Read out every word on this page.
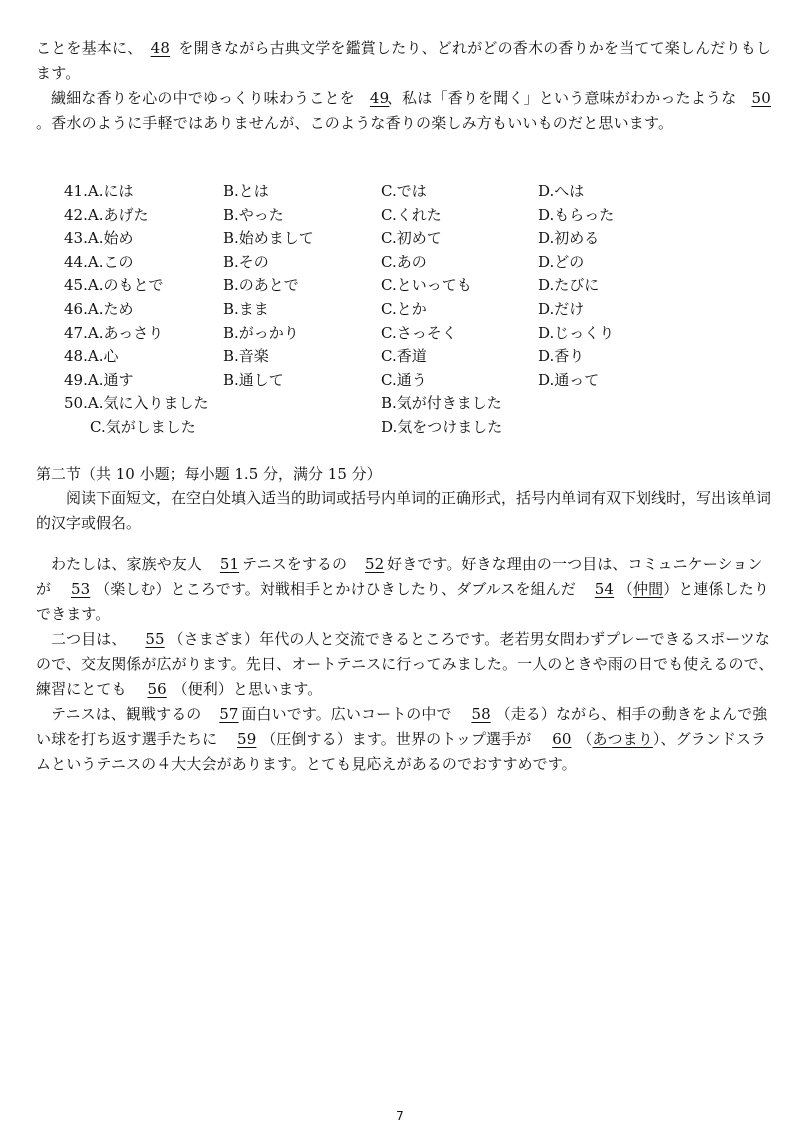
ことを基本に、 48 を開きながら古典文学を鑑賞したり、どれがどの香木の香りかを当てて楽しんだりもします。
繊細な香りを心の中でゆっくり味わうことを 49、私は「香りを聞く」という意味がわかったような 50。香水のように手軽ではありませんが、このような香りの楽しみ方もいいものだと思います。
41.A.には	B.とは	C.では	D.へは
42.A.あげた	B.やった	C.くれた	D.もらった
43.A.始め	B.始めまして	C.初めて	D.初める
44.A.この	B.その	C.あの	D.どの
45.A.のもとで	B.のあとで	C.といっても	D.たびに
46.A.ため	B.まま	C.とか	D.だけ
47.A.あっさり	B.がっかり	C.さっそく	D.じっくり
48.A.心	B.音楽	C.香道	D.香り
49.A.通す	B.通して	C.通う	D.通って
50.A.気に入りました	B.気が付きました
C.気がしました	D.気をつけました
第二节（共 10 小题；每小题 1.5 分，满分 15 分）
阅读下面短文，在空白处填入适当的助词或括号内单词的正确形式，括号内单词有双下划线时，写出该单词的汉字或假名。

わたしは、家族や友人 51 テニスをするの 52 好きです。好きな理由の一つ目は、コミュニケーションが 53 （楽しむ）ところです。対戦相手とかけひきしたり、ダブルスを組んだ 54 （仲間）と連係したりできます。

二つ目は、 55 （さまざま）年代の人と交流できるところです。老若男女問わずプレーできるスポーツなので、交友関係が広がります。先日、オートテニスに行ってみました。一人のときや雨の日でも使えるので、練習にとても 56 （便利）と思います。

テニスは、観戦するの 57 面白いです。広いコートの中で 58 （走る）ながら、相手の動きをよんで強い球を打ち返す選手たちに 59 （圧倒する）ます。世界のトップ選手が 60 （あつまり）、グランドスラムというテニスの４大大会があります。とても見応えがあるのでおすすめです。

7
